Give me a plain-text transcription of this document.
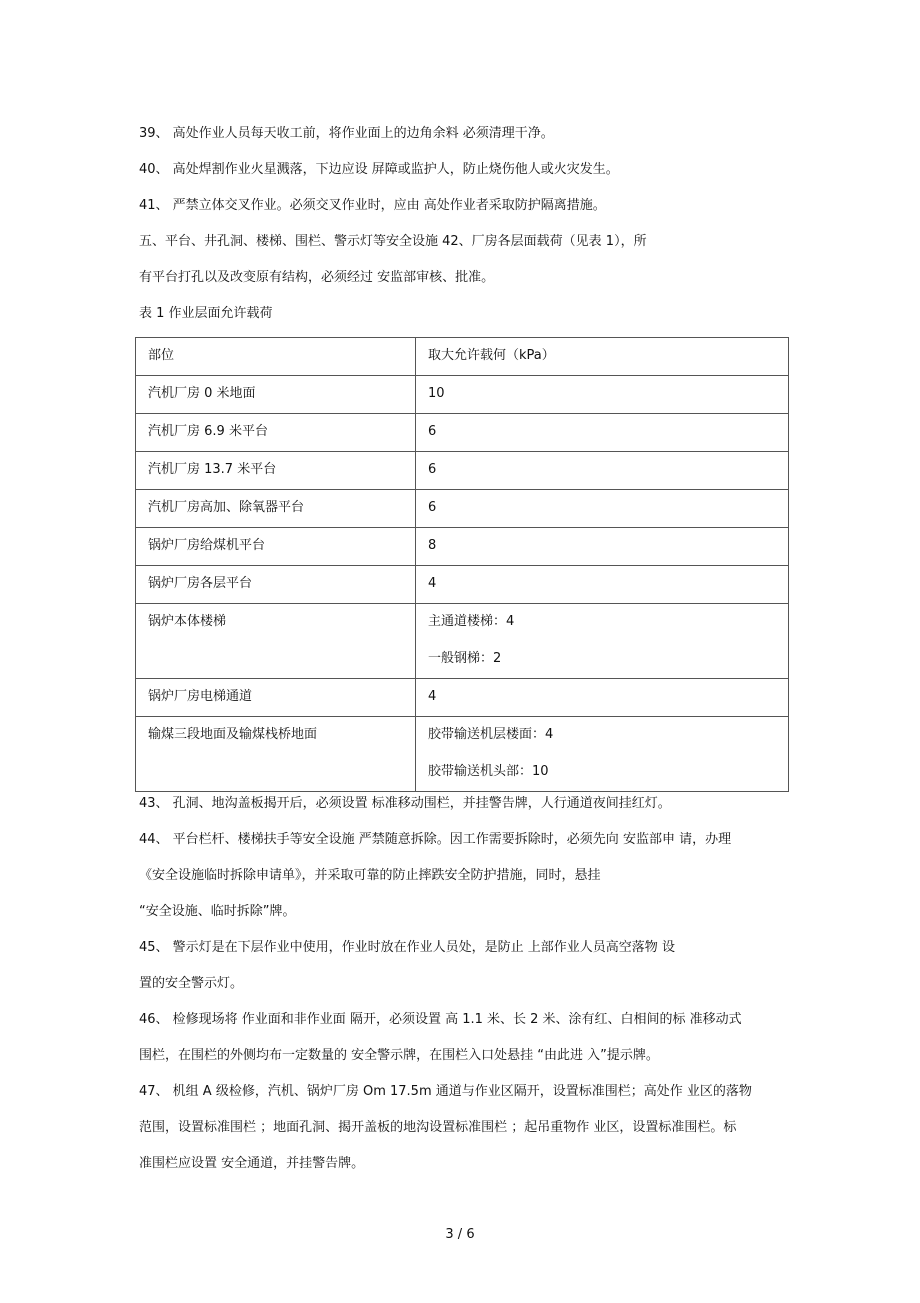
39、 高处作业人员每天收工前，将作业面上的边角余料 必须清理干净。
40、 高处焊割作业火星溅落，下边应设 屏障或监护人，防止烧伤他人或火灾发生。
41、 严禁立体交叉作业。必须交叉作业时，应由 高处作业者采取防护隔离措施。
五、平台、井孔洞、楼梯、围栏、警示灯等安全设施 42、厂房各层面载荷（见表 1），所
有平台打孔以及改变原有结构，必须经过 安监部审核、批准。
表 1 作业层面允许载荷
部位	取大允许载何（kPa）

汽机厂房 0 米地面	10

汽机厂房 6.9 米平台	6

汽机厂房 13.7 米平台	6

汽机厂房高加、除氧器平台	6

锅炉厂房给煤机平台	8

锅炉厂房各层平台	4

锅炉本体楼梯	主通道楼梯：4
一般钢梯：2

锅炉厂房电梯通道	4

输煤三段地面及输煤栈桥地面	胶带输送机层楼面：4
胶带输送机头部：10
43、 孔洞、地沟盖板揭开后，必须设置 标准移动围栏，并挂警告牌，人行通道夜间挂红灯。
44、 平台栏杆、楼梯扶手等安全设施 严禁随意拆除。因工作需要拆除时，必须先向 安监部申 请，办理
《安全设施临时拆除申请单》，并采取可靠的防止摔跌安全防护措施，同时，悬挂
“安全设施、临时拆除”牌。
45、 警示灯是在下层作业中使用，作业时放在作业人员处，是防止 上部作业人员高空落物 设
置的安全警示灯。
46、 检修现场将 作业面和非作业面 隔开，必须设置 高 1.1 米、长 2 米、涂有红、白相间的标 准移动式
围栏，在围栏的外侧均布一定数量的 安全警示牌，在围栏入口处悬挂 “由此进 入”提示牌。
47、 机组 A 级检修，汽机、锅炉厂房 Om 17.5m 通道与作业区隔开，设置标准围栏；高处作 业区的落物
范围，设置标准围栏 ；地面孔洞、揭开盖板的地沟设置标准围栏 ；起吊重物作 业区，设置标准围栏。标
准围栏应设置 安全通道，并挂警告牌。
3 / 6
